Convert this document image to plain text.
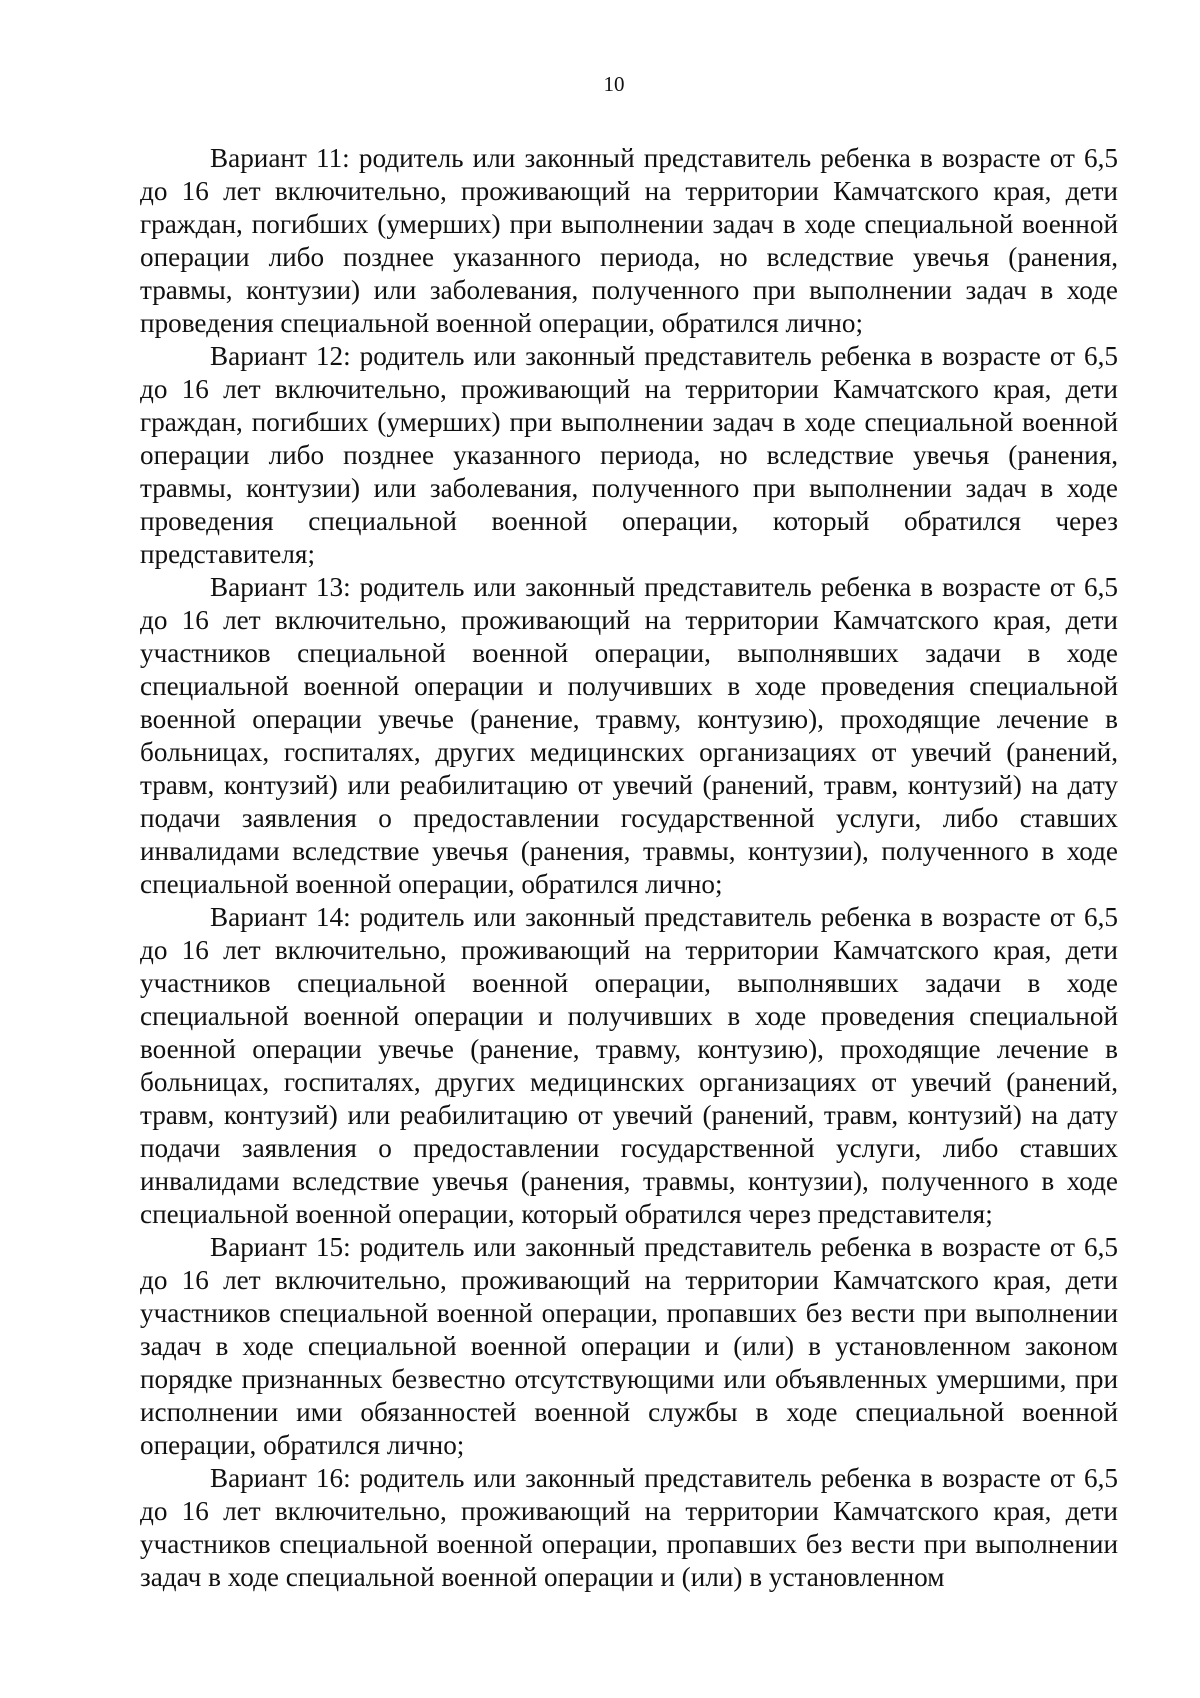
10

Вариант 11: родитель или законный представитель ребенка в возрасте от 6,5 до 16 лет включительно, проживающий на территории Камчатского края, дети граждан, погибших (умерших) при выполнении задач в ходе специальной военной операции либо позднее указанного периода, но вследствие увечья (ранения, травмы, контузии) или заболевания, полученного при выполнении задач в ходе проведения специальной военной операции, обратился лично;

Вариант 12: родитель или законный представитель ребенка в возрасте от 6,5 до 16 лет включительно, проживающий на территории Камчатского края, дети граждан, погибших (умерших) при выполнении задач в ходе специальной военной операции либо позднее указанного периода, но вследствие увечья (ранения, травмы, контузии) или заболевания, полученного при выполнении задач в ходе проведения специальной военной операции, который обратился через представителя;

Вариант 13: родитель или законный представитель ребенка в возрасте от 6,5 до 16 лет включительно, проживающий на территории Камчатского края, дети участников специальной военной операции, выполнявших задачи в ходе специальной военной операции и получивших в ходе проведения специальной военной операции увечье (ранение, травму, контузию), проходящие лечение в больницах, госпиталях, других медицинских организациях от увечий (ранений, травм, контузий) или реабилитацию от увечий (ранений, травм, контузий) на дату подачи заявления о предоставлении государственной услуги, либо ставших инвалидами вследствие увечья (ранения, травмы, контузии), полученного в ходе специальной военной операции, обратился лично;

Вариант 14: родитель или законный представитель ребенка в возрасте от 6,5 до 16 лет включительно, проживающий на территории Камчатского края, дети участников специальной военной операции, выполнявших задачи в ходе специальной военной операции и получивших в ходе проведения специальной военной операции увечье (ранение, травму, контузию), проходящие лечение в больницах, госпиталях, других медицинских организациях от увечий (ранений, травм, контузий) или реабилитацию от увечий (ранений, травм, контузий) на дату подачи заявления о предоставлении государственной услуги, либо ставших инвалидами вследствие увечья (ранения, травмы, контузии), полученного в ходе специальной военной операции, который обратился через представителя;

Вариант 15: родитель или законный представитель ребенка в возрасте от 6,5 до 16 лет включительно, проживающий на территории Камчатского края, дети участников специальной военной операции, пропавших без вести при выполнении задач в ходе специальной военной операции и (или) в установленном законом порядке признанных безвестно отсутствующими или объявленных умершими, при исполнении ими обязанностей военной службы в ходе специальной военной операции, обратился лично;

Вариант 16: родитель или законный представитель ребенка в возрасте от 6,5 до 16 лет включительно, проживающий на территории Камчатского края, дети участников специальной военной операции, пропавших без вести при выполнении задач в ходе специальной военной операции и (или) в установленном
